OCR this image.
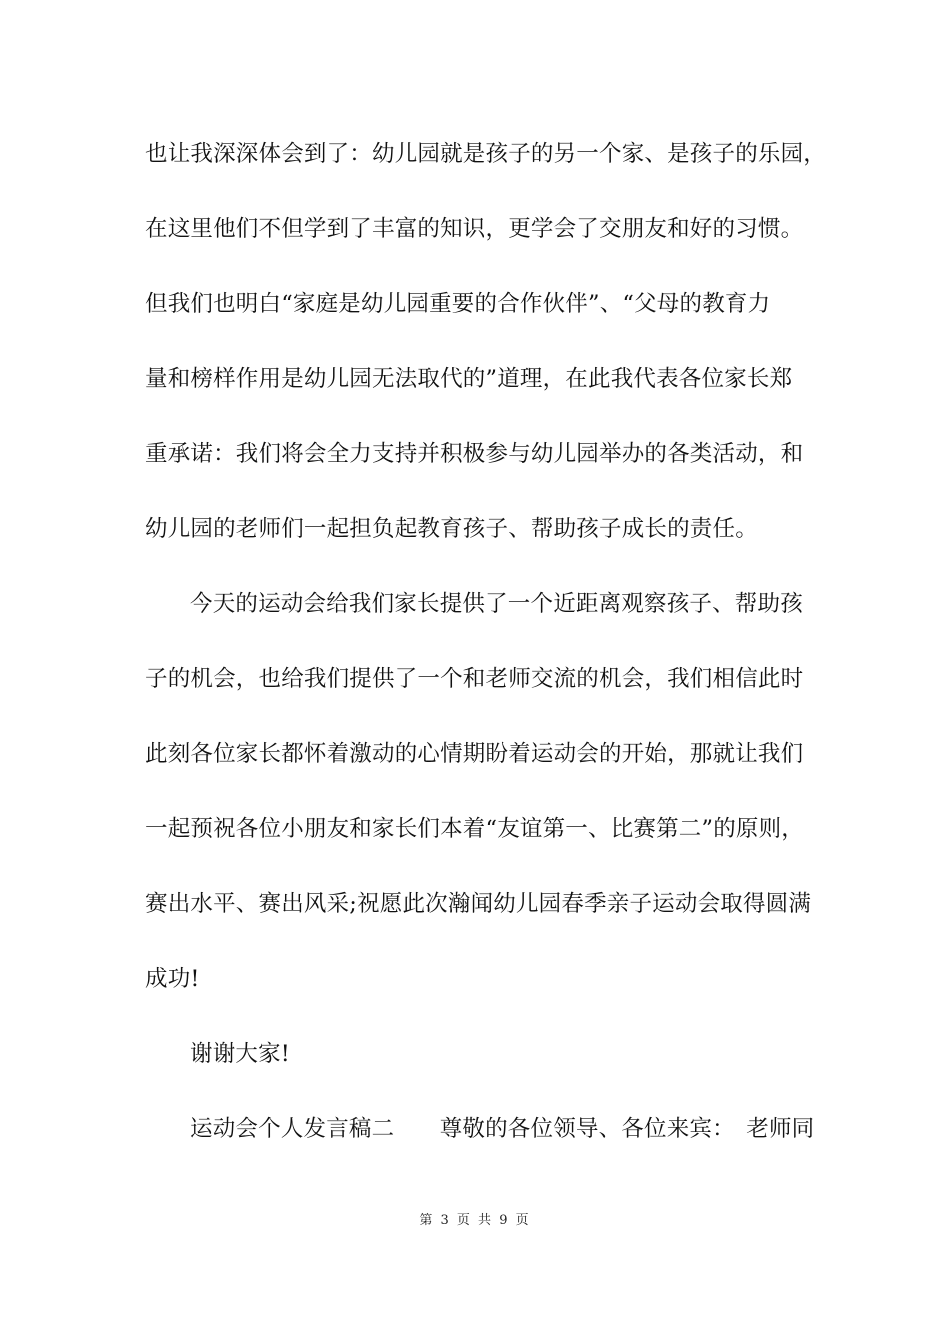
也让我深深体会到了：幼儿园就是孩子的另一个家、是孩子的乐园，
在这里他们不但学到了丰富的知识，更学会了交朋友和好的习惯。
但我们也明白“家庭是幼儿园重要的合作伙伴”、“父母的教育力
量和榜样作用是幼儿园无法取代的”道理，在此我代表各位家长郑
重承诺：我们将会全力支持并积极参与幼儿园举办的各类活动，和
幼儿园的老师们一起担负起教育孩子、帮助孩子成长的责任。
今天的运动会给我们家长提供了一个近距离观察孩子、帮助孩
子的机会，也给我们提供了一个和老师交流的机会，我们相信此时
此刻各位家长都怀着激动的心情期盼着运动会的开始，那就让我们
一起预祝各位小朋友和家长们本着“友谊第一、比赛第二”的原则，
赛出水平、赛出风采;祝愿此次瀚闻幼儿园春季亲子运动会取得圆满
成功!
谢谢大家!
运动会个人发言稿二　　尊敬的各位领导、各位来宾：　老师同
第 3 页 共 9 页
